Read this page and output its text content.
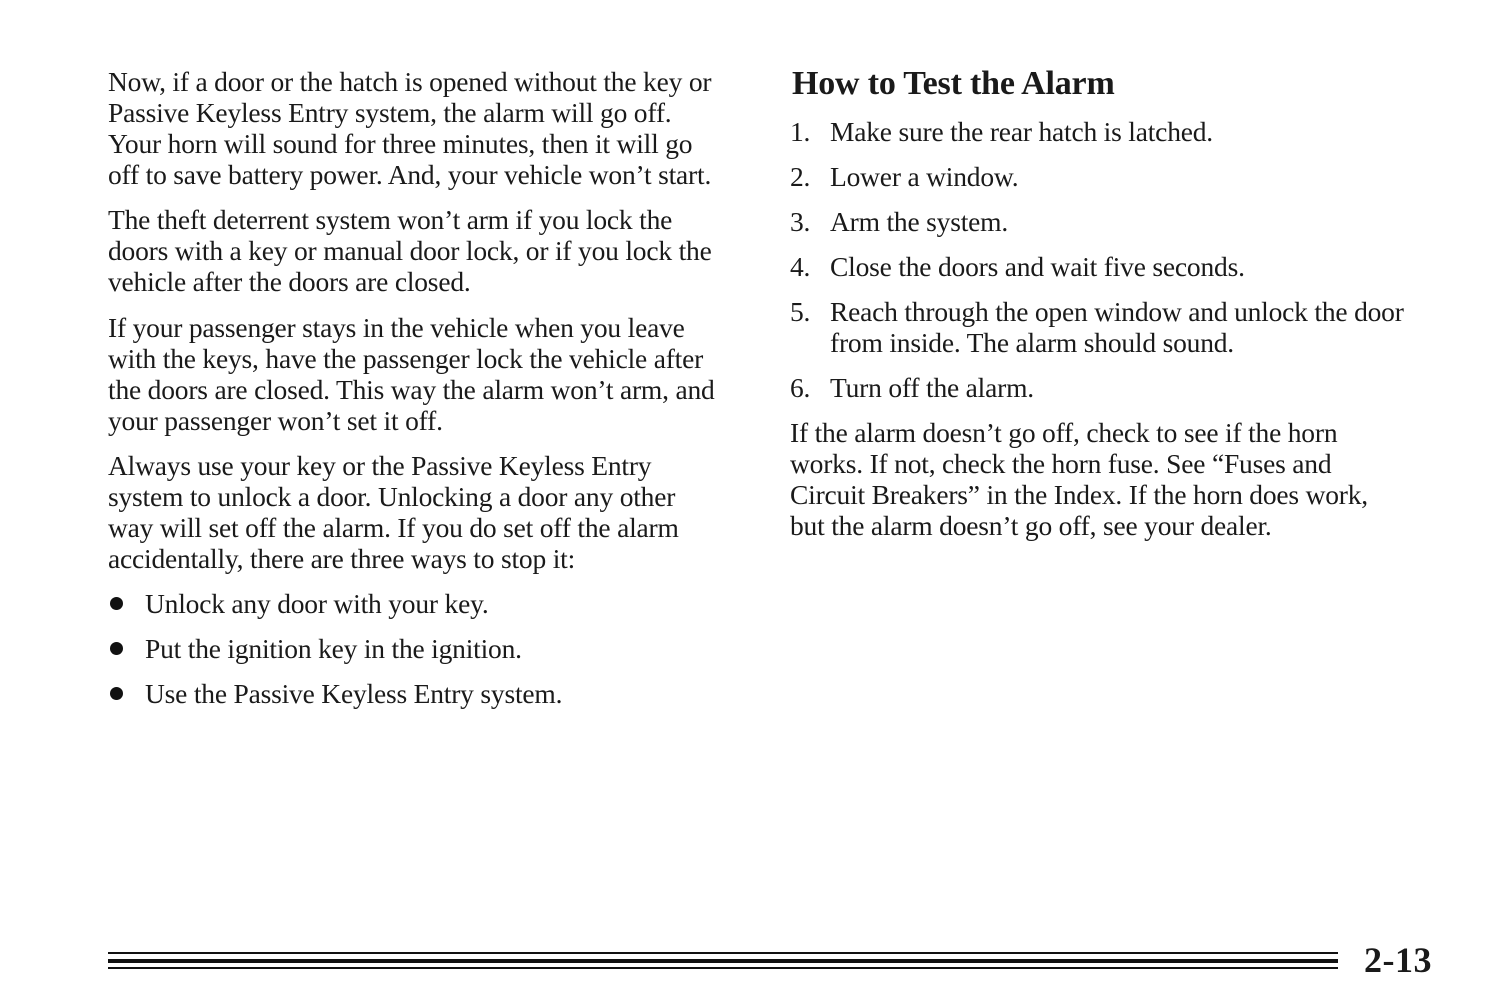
Now, if a door or the hatch is opened without the key or
Passive Keyless Entry system, the alarm will go off.
Your horn will sound for three minutes, then it will go
off to save battery power. And, your vehicle won’t start.

The theft deterrent system won’t arm if you lock the
doors with a key or manual door lock, or if you lock the
vehicle after the doors are closed.

If your passenger stays in the vehicle when you leave
with the keys, have the passenger lock the vehicle after
the doors are closed. This way the alarm won’t arm, and
your passenger won’t set it off.

Always use your key or the Passive Keyless Entry
system to unlock a door. Unlocking a door any other
way will set off the alarm. If you do set off the alarm
accidentally, there are three ways to stop it:

Unlock any door with your key.
Put the ignition key in the ignition.
Use the Passive Keyless Entry system.
How to Test the Alarm
1. Make sure the rear hatch is latched.
2. Lower a window.
3. Arm the system.
4. Close the doors and wait five seconds.
5. Reach through the open window and unlock the door
from inside. The alarm should sound.
6. Turn off the alarm.

If the alarm doesn’t go off, check to see if the horn
works. If not, check the horn fuse. See “Fuses and
Circuit Breakers” in the Index. If the horn does work,
but the alarm doesn’t go off, see your dealer.

2-13
